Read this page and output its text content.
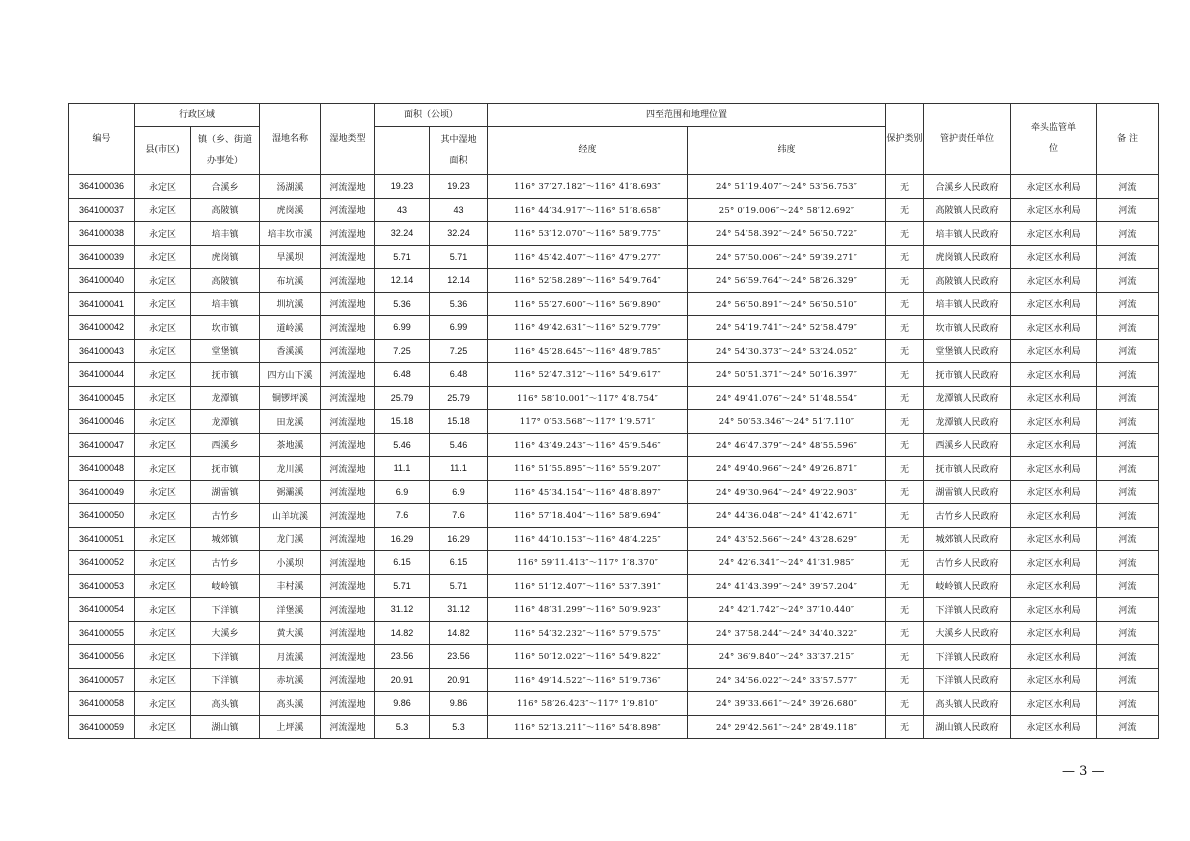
编号	行政区域		湿地名称	湿地类型	面积（公顷）		四至范围和地理位置		保护类别	管护责任单位	牵头监管单位	备 注
	县(市区)	镇（乡、街道办事处）				其中湿地面积	经度	纬度				

364100036	永定区	合溪乡	汤湖溪	河流湿地	19.23	19.23	116° 37′27.182″～116° 41′8.693″	24° 51′19.407″～24° 53′56.753″	无	合溪乡人民政府	永定区水利局	河流
364100037	永定区	高陂镇	虎岗溪	河流湿地	43	43	116° 44′34.917″～116° 51′8.658″	25° 0′19.006″～24° 58′12.692″	无	高陂镇人民政府	永定区水利局	河流
364100038	永定区	培丰镇	培丰坎市溪	河流湿地	32.24	32.24	116° 53′12.070″～116° 58′9.775″	24° 54′58.392″～24° 56′50.722″	无	培丰镇人民政府	永定区水利局	河流
364100039	永定区	虎岗镇	旱溪坝	河流湿地	5.71	5.71	116° 45′42.407″～116° 47′9.277″	24° 57′50.006″～24° 59′39.271″	无	虎岗镇人民政府	永定区水利局	河流
364100040	永定区	高陂镇	布坑溪	河流湿地	12.14	12.14	116° 52′58.289″～116° 54′9.764″	24° 56′59.764″～24° 58′26.329″	无	高陂镇人民政府	永定区水利局	河流
364100041	永定区	培丰镇	圳坑溪	河流湿地	5.36	5.36	116° 55′27.600″～116° 56′9.890″	24° 56′50.891″～24° 56′50.510″	无	培丰镇人民政府	永定区水利局	河流
364100042	永定区	坎市镇	道岭溪	河流湿地	6.99	6.99	116° 49′42.631″～116° 52′9.779″	24° 54′19.741″～24° 52′58.479″	无	坎市镇人民政府	永定区水利局	河流
364100043	永定区	堂堡镇	香溪溪	河流湿地	7.25	7.25	116° 45′28.645″～116° 48′9.785″	24° 54′30.373″～24° 53′24.052″	无	堂堡镇人民政府	永定区水利局	河流
364100044	永定区	抚市镇	四方山下溪	河流湿地	6.48	6.48	116° 52′47.312″～116° 54′9.617″	24° 50′51.371″～24° 50′16.397″	无	抚市镇人民政府	永定区水利局	河流
364100045	永定区	龙潭镇	铜锣坪溪	河流湿地	25.79	25.79	116° 58′10.001″～117° 4′8.754″	24° 49′41.076″～24° 51′48.554″	无	龙潭镇人民政府	永定区水利局	河流
364100046	永定区	龙潭镇	田龙溪	河流湿地	15.18	15.18	117° 0′53.568″～117° 1′9.571″	24° 50′53.346″～24° 51′7.110″	无	龙潭镇人民政府	永定区水利局	河流
364100047	永定区	西溪乡	茶地溪	河流湿地	5.46	5.46	116° 43′49.243″～116° 45′9.546″	24° 46′47.379″～24° 48′55.596″	无	西溪乡人民政府	永定区水利局	河流
364100048	永定区	抚市镇	龙川溪	河流湿地	11.1	11.1	116° 51′55.895″～116° 55′9.207″	24° 49′40.966″～24° 49′26.871″	无	抚市镇人民政府	永定区水利局	河流
364100049	永定区	湖雷镇	弼灞溪	河流湿地	6.9	6.9	116° 45′34.154″～116° 48′8.897″	24° 49′30.964″～24° 49′22.903″	无	湖雷镇人民政府	永定区水利局	河流
364100050	永定区	古竹乡	山羊坑溪	河流湿地	7.6	7.6	116° 57′18.404″～116° 58′9.694″	24° 44′36.048″～24° 41′42.671″	无	古竹乡人民政府	永定区水利局	河流
364100051	永定区	城郊镇	龙门溪	河流湿地	16.29	16.29	116° 44′10.153″～116° 48′4.225″	24° 43′52.566″～24° 43′28.629″	无	城郊镇人民政府	永定区水利局	河流
364100052	永定区	古竹乡	小溪坝	河流湿地	6.15	6.15	116° 59′11.413″～117° 1′8.370″	24° 42′6.341″～24° 41′31.985″	无	古竹乡人民政府	永定区水利局	河流
364100053	永定区	岐岭镇	丰村溪	河流湿地	5.71	5.71	116° 51′12.407″～116° 53′7.391″	24° 41′43.399″～24° 39′57.204″	无	岐岭镇人民政府	永定区水利局	河流
364100054	永定区	下洋镇	洋堡溪	河流湿地	31.12	31.12	116° 48′31.299″～116° 50′9.923″	24° 42′1.742″～24° 37′10.440″	无	下洋镇人民政府	永定区水利局	河流
364100055	永定区	大溪乡	黄大溪	河流湿地	14.82	14.82	116° 54′32.232″～116° 57′9.575″	24° 37′58.244″～24° 34′40.322″	无	大溪乡人民政府	永定区水利局	河流
364100056	永定区	下洋镇	月流溪	河流湿地	23.56	23.56	116° 50′12.022″～116° 54′9.822″	24° 36′9.840″～24° 33′37.215″	无	下洋镇人民政府	永定区水利局	河流
364100057	永定区	下洋镇	赤坑溪	河流湿地	20.91	20.91	116° 49′14.522″～116° 51′9.736″	24° 34′56.022″～24° 33′57.577″	无	下洋镇人民政府	永定区水利局	河流
364100058	永定区	高头镇	高头溪	河流湿地	9.86	9.86	116° 58′26.423″～117° 1′9.810″	24° 39′33.661″～24° 39′26.680″	无	高头镇人民政府	永定区水利局	河流
364100059	永定区	湖山镇	上坪溪	河流湿地	5.3	5.3	116° 52′13.211″～116° 54′8.898″	24° 29′42.561″～24° 28′49.118″	无	湖山镇人民政府	永定区水利局	河流
— 3 —
